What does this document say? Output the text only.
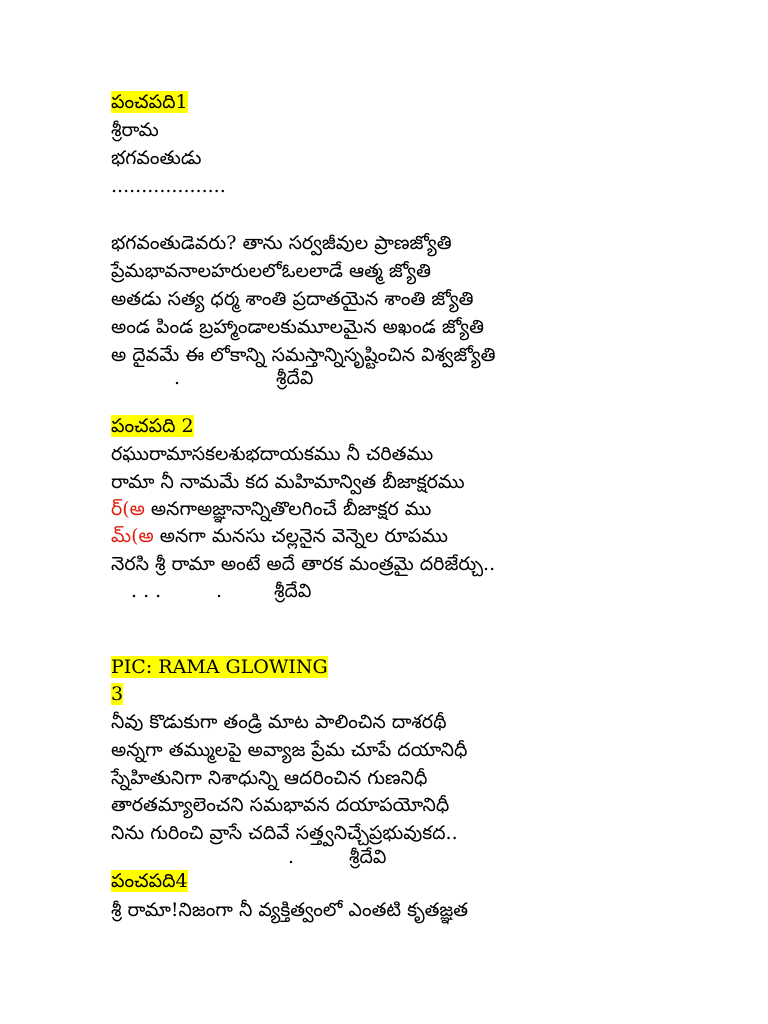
పంచపది1
శ్రీరామ
భగవంతుడు
...................
భగవంతుడెవరు? తాను సర్వజీవుల ప్రాణజ్యోతి
ప్రేమభావనాలహరులలోఓలలాడే ఆత్మ జ్యోతి
అతడు సత్య ధర్మ శాంతి ప్రదాతయైన శాంతి జ్యోతి
అండ పిండ బ్రహ్మాండాలకుమూలమైన అఖండ జ్యోతి
అ దైవమే ఈ లోకాన్ని సమస్తాన్నిసృష్టించిన విశ్వజ్యోతి
.	శ్రీదేవి
పంచపది 2
రఘురామాసకలశుభదాయకము నీ చరితము
రామా నీ నామమే కద మహిమాన్విత బీజాక్షరము
ర్(అ అనగాఅజ్ఞానాన్నితొలగించే బీజాక్షర ము
మ్(అ అనగా మనసు చల్లనైన వెన్నెల రూపము
నెరసి శ్రీ రామా అంటే అదే తారక మంత్రమై దరిజేర్చు..
. . .	.	శ్రీదేవి
PIC: RAMA GLOWING
3
నీవు కొడుకుగా తండ్రి మాట పాలించిన దాశరథీ
అన్నగా తమ్ములపై అవ్యాజ ప్రేమ చూపే దయానిధీ
స్నేహితునిగా నిశాధున్ని ఆదరించిన గుణనిధీ
తారతమ్యాలెంచని సమభావన దయాపయోనిధీ
నిను గురించి వ్రాసే చదివే సత్త్వనిచ్చేప్రభువుకద..
.	శ్రీదేవి
పంచపది4
శ్రీ రామా!నిజంగా నీ వ్యక్తిత్వంలో ఎంతటి కృతజ్ఞత
